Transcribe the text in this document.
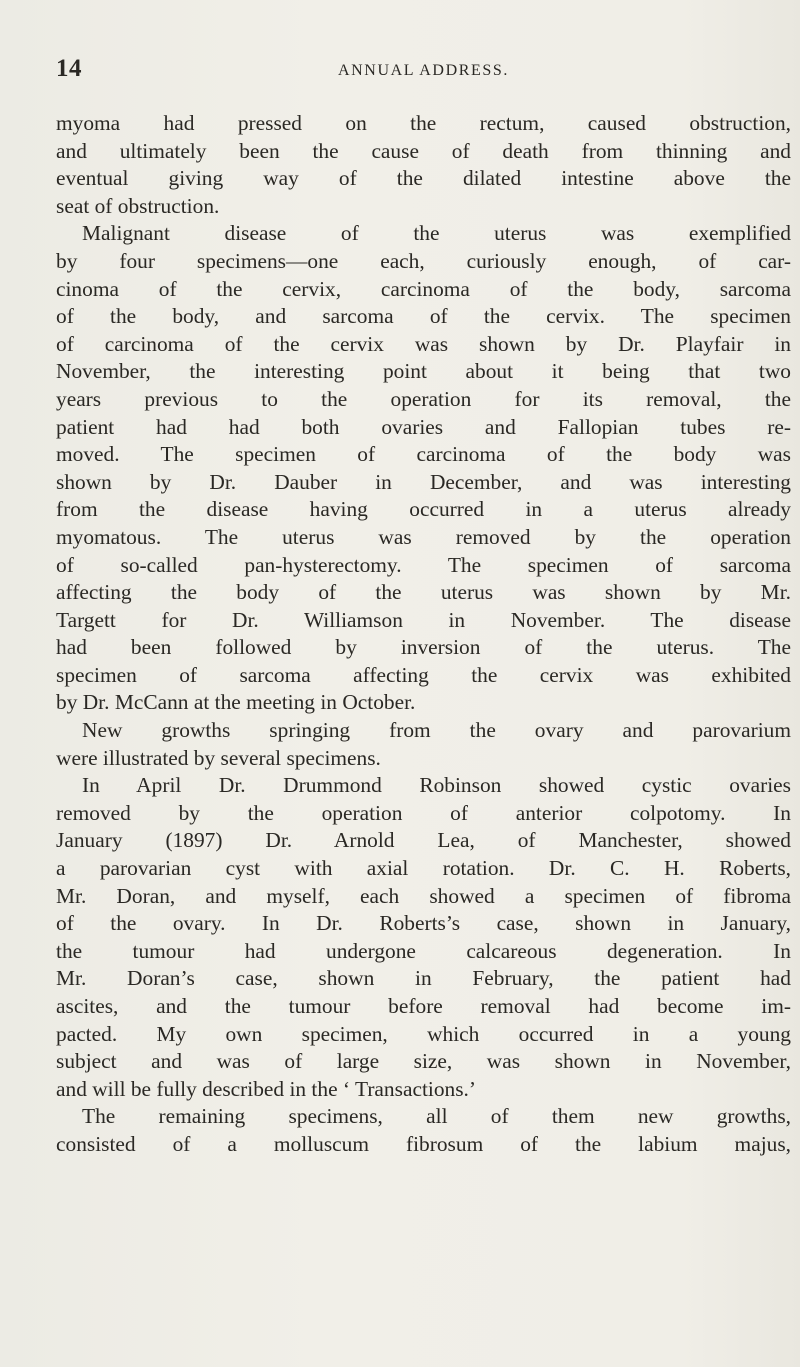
14	ANNUAL ADDRESS.
myoma had pressed on the rectum, caused obstruction,
and ultimately been the cause of death from thinning and
eventual giving way of the dilated intestine above the
seat of obstruction.
Malignant disease of the uterus was exemplified
by four specimens—one each, curiously enough, of car-
cinoma of the cervix, carcinoma of the body, sarcoma
of the body, and sarcoma of the cervix. The specimen
of carcinoma of the cervix was shown by Dr. Playfair in
November, the interesting point about it being that two
years previous to the operation for its removal, the
patient had had both ovaries and Fallopian tubes re-
moved. The specimen of carcinoma of the body was
shown by Dr. Dauber in December, and was interesting
from the disease having occurred in a uterus already
myomatous. The uterus was removed by the operation
of so-called pan-hysterectomy. The specimen of sarcoma
affecting the body of the uterus was shown by Mr.
Targett for Dr. Williamson in November. The disease
had been followed by inversion of the uterus. The
specimen of sarcoma affecting the cervix was exhibited
by Dr. McCann at the meeting in October.
New growths springing from the ovary and parovarium
were illustrated by several specimens.
In April Dr. Drummond Robinson showed cystic ovaries
removed by the operation of anterior colpotomy. In
January (1897) Dr. Arnold Lea, of Manchester, showed
a parovarian cyst with axial rotation. Dr. C. H. Roberts,
Mr. Doran, and myself, each showed a specimen of fibroma
of the ovary. In Dr. Roberts’s case, shown in January,
the tumour had undergone calcareous degeneration. In
Mr. Doran’s case, shown in February, the patient had
ascites, and the tumour before removal had become im-
pacted. My own specimen, which occurred in a young
subject and was of large size, was shown in November,
and will be fully described in the ‘ Transactions.’
The remaining specimens, all of them new growths,
consisted of a molluscum fibrosum of the labium majus,
